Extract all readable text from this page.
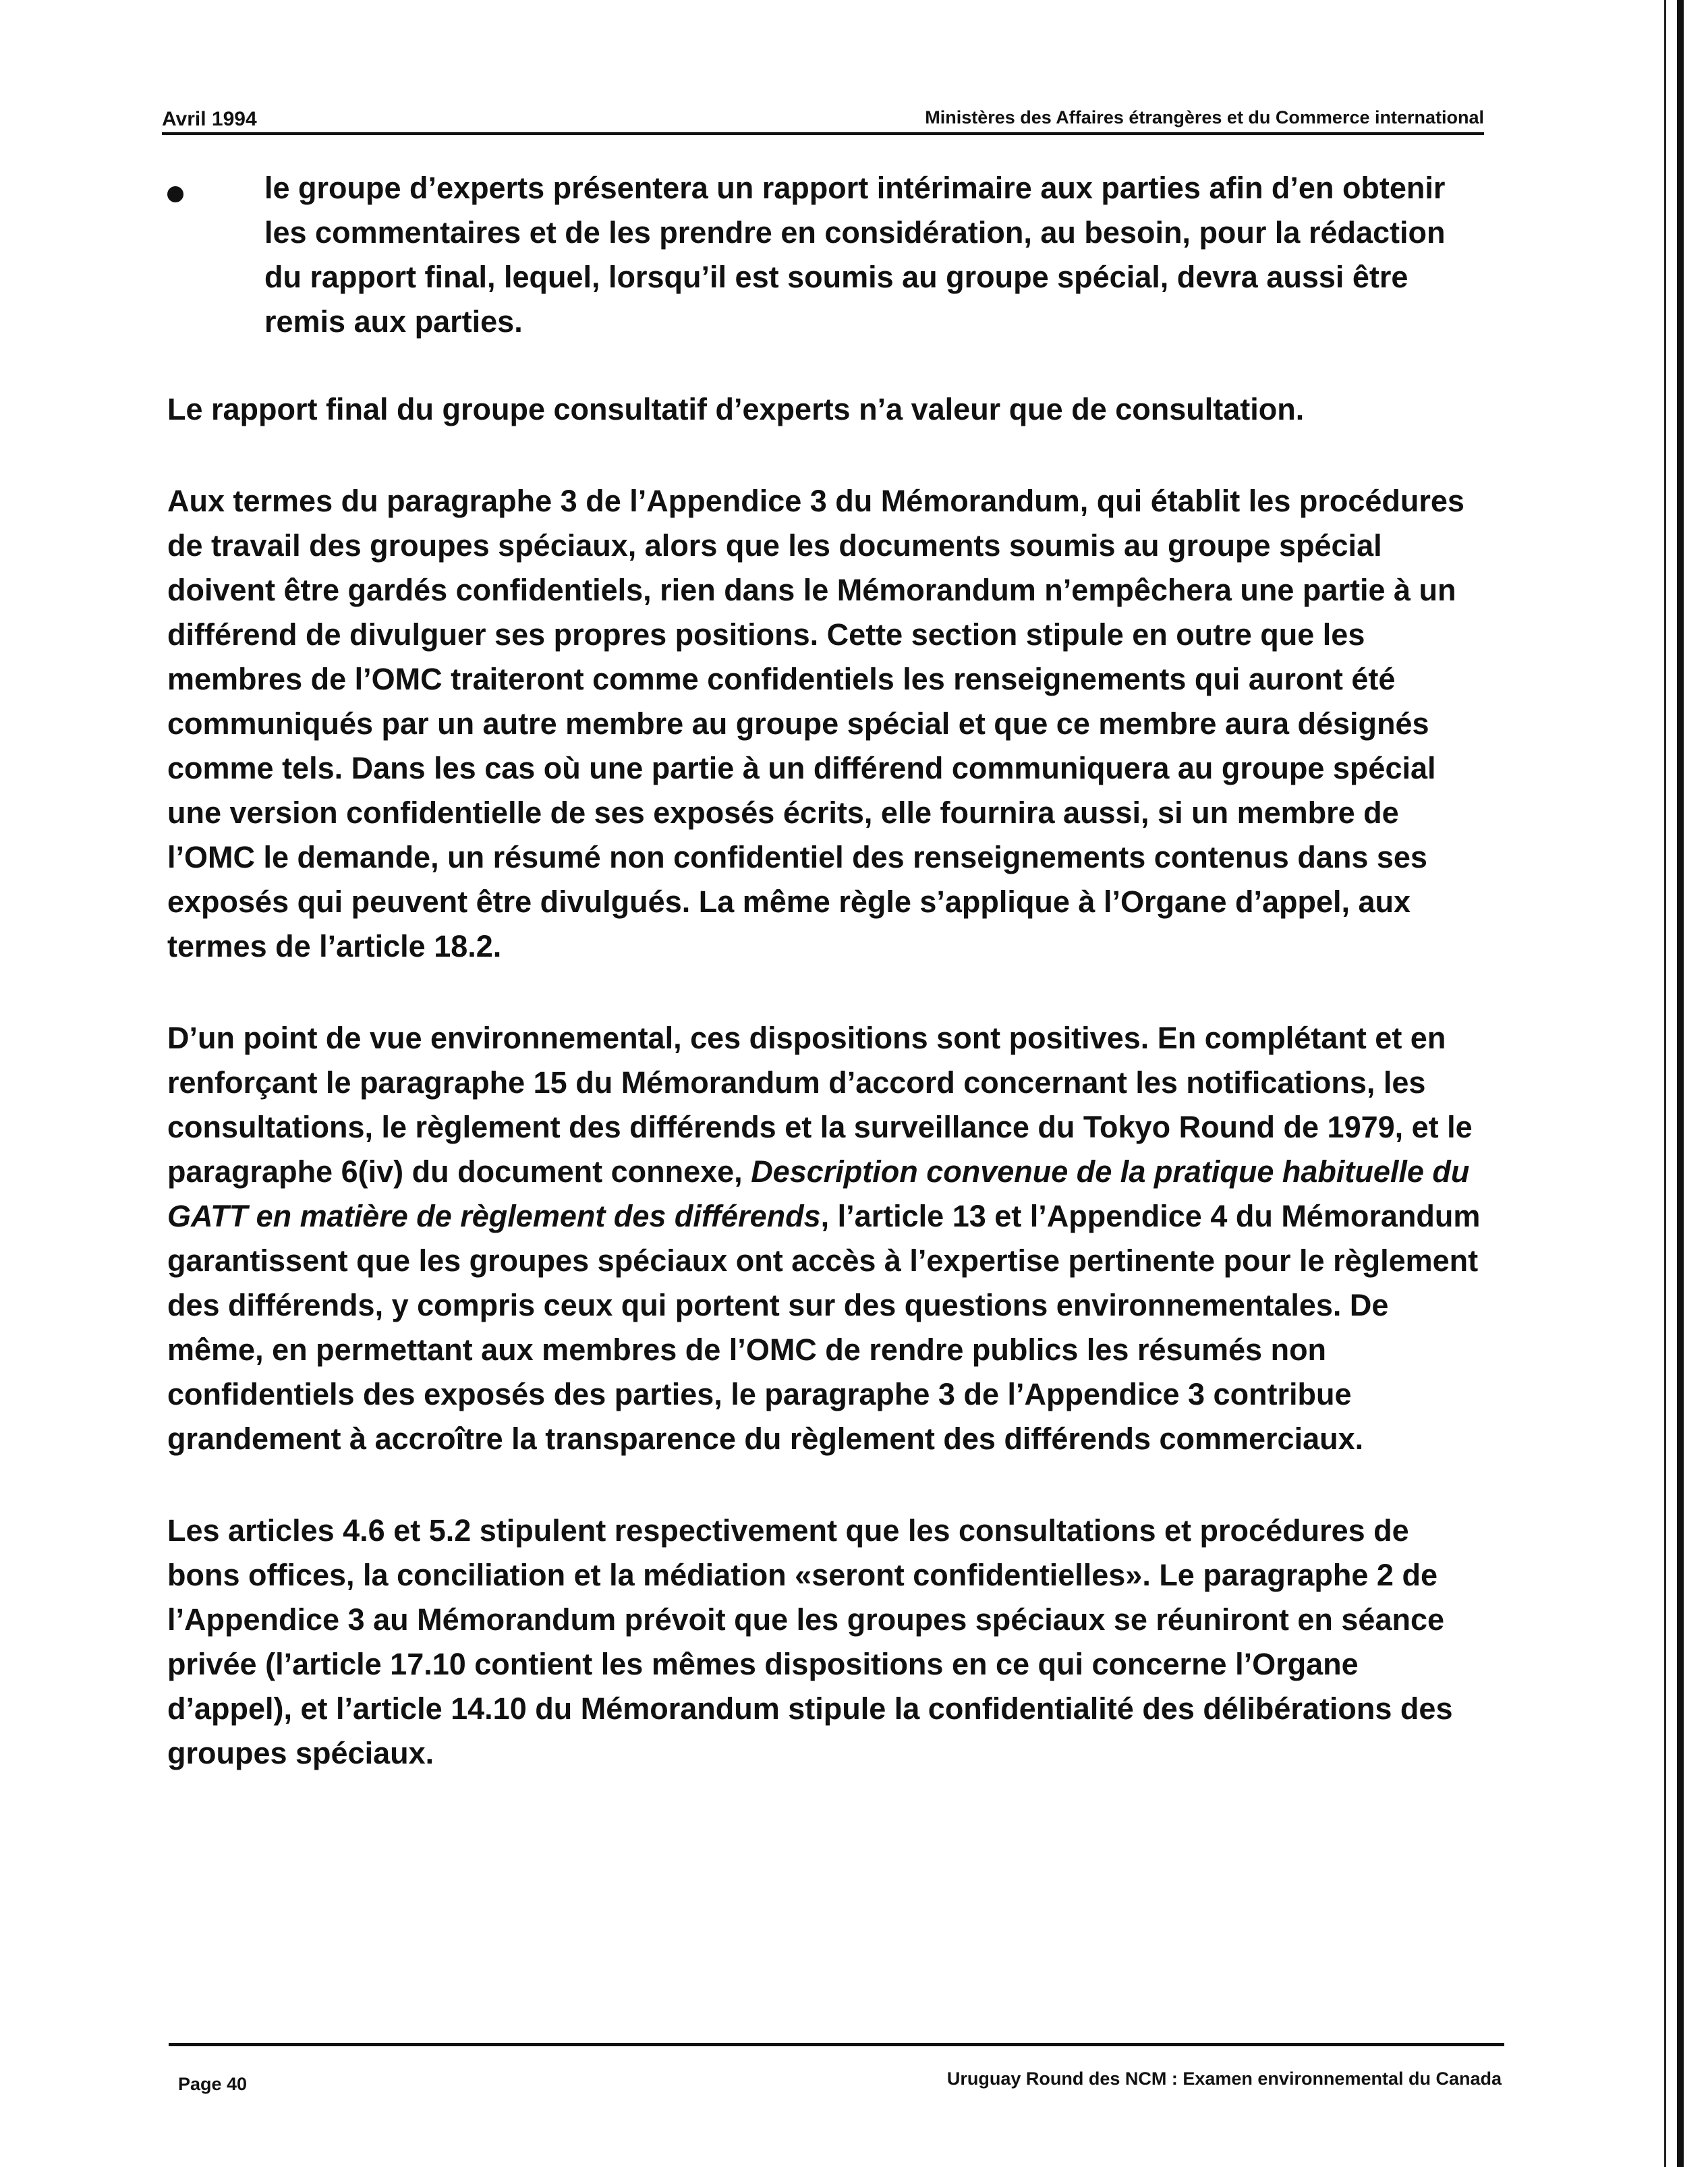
Avril 1994	Ministères des Affaires étrangères et du Commerce international
le groupe d’experts présentera un rapport intérimaire aux parties afin d’en obtenir les commentaires et de les prendre en considération, au besoin, pour la rédaction du rapport final, lequel, lorsqu’il est soumis au groupe spécial, devra aussi être remis aux parties.

Le rapport final du groupe consultatif d’experts n’a valeur que de consultation.

Aux termes du paragraphe 3 de l’Appendice 3 du Mémorandum, qui établit les procédures de travail des groupes spéciaux, alors que les documents soumis au groupe spécial doivent être gardés confidentiels, rien dans le Mémorandum n’empêchera une partie à un différend de divulguer ses propres positions. Cette section stipule en outre que les membres de l’OMC traiteront comme confidentiels les renseignements qui auront été communiqués par un autre membre au groupe spécial et que ce membre aura désignés comme tels. Dans les cas où une partie à un différend communiquera au groupe spécial une version confidentielle de ses exposés écrits, elle fournira aussi, si un membre de l’OMC le demande, un résumé non confidentiel des renseignements contenus dans ses exposés qui peuvent être divulgués. La même règle s’applique à l’Organe d’appel, aux termes de l’article 18.2.

D’un point de vue environnemental, ces dispositions sont positives. En complétant et en renforçant le paragraphe 15 du Mémorandum d’accord concernant les notifications, les consultations, le règlement des différends et la surveillance du Tokyo Round de 1979, et le paragraphe 6(iv) du document connexe, Description convenue de la pratique habituelle du GATT en matière de règlement des différends, l’article 13 et l’Appendice 4 du Mémorandum garantissent que les groupes spéciaux ont accès à l’expertise pertinente pour le règlement des différends, y compris ceux qui portent sur des questions environnementales. De même, en permettant aux membres de l’OMC de rendre publics les résumés non confidentiels des exposés des parties, le paragraphe 3 de l’Appendice 3 contribue grandement à accroître la transparence du règlement des différends commerciaux.

Les articles 4.6 et 5.2 stipulent respectivement que les consultations et procédures de bons offices, la conciliation et la médiation «seront confidentielles». Le paragraphe 2 de l’Appendice 3 au Mémorandum prévoit que les groupes spéciaux se réuniront en séance privée (l’article 17.10 contient les mêmes dispositions en ce qui concerne l’Organe d’appel), et l’article 14.10 du Mémorandum stipule la confidentialité des délibérations des groupes spéciaux.

Page 40	Uruguay Round des NCM : Examen environnemental du Canada
